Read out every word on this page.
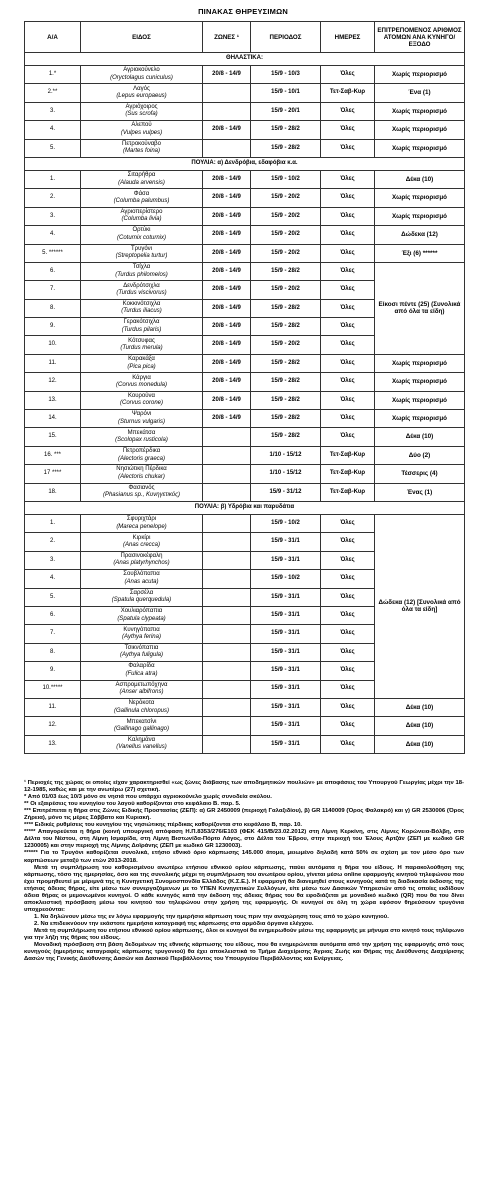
ΠΙΝΑΚΑΣ ΘΗΡΕΥΣΙΜΩΝ
Α/Α	ΕΙΔΟΣ	ΖΩΝΕΣ ¹	ΠΕΡΙΟΔΟΣ	ΗΜΕΡΕΣ	ΕΠΙΤΡΕΠΟΜΕΝΟΣ ΑΡΙΘΜΟΣ ΑΤΟΜΩΝ ΑΝΑ ΚΥΝΗΓΟ/ΕΞΟΔΟ
ΘΗΛΑΣΤΙΚΑ:					
1.*	Αγριοκούνελο
(Oryctolagus cuniculus)	20/8 - 14/9	15/9 - 10/3	Όλες	Χωρίς περιορισμό
2.**	Λαγός
(Lepus europaeus)		15/9 - 10/1	Τετ-Σαβ-Κυρ	Ένα (1)
3.	Αγριόχοιρος
(Sus scrofa)		15/9 - 20/1	Όλες	Χωρίς περιορισμό
4.	Αλεπού
(Vulpes vulpes)	20/8 - 14/9	15/9 - 28/2	Όλες	Χωρίς περιορισμό
5.	Πετροκούναβο
(Martes foina)		15/9 - 28/2	Όλες	Χωρίς περιορισμό
ΠΟΥΛΙΑ: α) Δενδρόβια, εδαφόβια κ.α.					
1.	Σιταρήθρα
(Alauda arvensis)	20/8 - 14/9	15/9 - 10/2	Όλες	Δέκα (10)
2.	Φάσα
(Columba palumbus)	20/8 - 14/9	15/9 - 20/2	Όλες	Χωρίς περιορισμό
3.	Αγριοπερίστερο
(Columba livia)	20/8 - 14/9	15/9 - 20/2	Όλες	Χωρίς περιορισμό
4.	Ορτύκι
(Coturnix coturnix)	20/8 - 14/9	15/9 - 20/2	Όλες	Δώδεκα (12)
5. ******	Τρυγόνι
(Streptopelia turtur)	20/8 - 14/9	15/9 - 20/2	Όλες	Έξι (6) ******
6.	Τσίχλα
(Turdus philomelos)	20/8 - 14/9	15/9 - 28/2	Όλες	Είκοσι πέντε (25) (Συνολικά από όλα τα είδη)
7.	Δενδρότσιχλα
(Turdus viscivorus)	20/8 - 14/9	15/9 - 20/2	Όλες	
8.	Κοκκινότσιχλα
(Turdus iliacus)	20/8 - 14/9	15/9 - 28/2	Όλες	
9.	Γερακότσιχλα
(Turdus pilaris)	20/8 - 14/9	15/9 - 28/2	Όλες	
10.	Κότσυφας
(Turdus merula)	20/8 - 14/9	15/9 - 20/2	Όλες	
11.	Καρακάξα
(Pica pica)	20/8 - 14/9	15/9 - 28/2	Όλες	Χωρίς περιορισμό
12.	Κάργια
(Corvus monedula)	20/8 - 14/9	15/9 - 28/2	Όλες	Χωρίς περιορισμό
13.	Κουρούνα
(Corvus corone)	20/8 - 14/9	15/9 - 28/2	Όλες	Χωρίς περιορισμό
14.	Ψαρόνι
(Sturnus vulgaris)	20/8 - 14/9	15/9 - 28/2	Όλες	Χωρίς περιορισμό
15.	Μπεκάτσα
(Scolopax rusticola)		15/9 - 28/2	Όλες	Δέκα (10)
16. ***	Πετροπέρδικα
(Alectoris graeca)		1/10 - 15/12	Τετ-Σαβ-Κυρ	Δύο (2)
17 ****	Νησιώτικη Πέρδικα
(Alectoris chukar)		1/10 - 15/12	Τετ-Σαβ-Κυρ	Τέσσερις (4)
18.	Φασιανός
(Phasianus sp., Κυνηγετικός)		15/9 - 31/12	Τετ-Σαβ-Κυρ	Ένας (1)
ΠΟΥΛΙΑ: β) Υδρόβια και παρυδάτια					
1.	Σφυριχτάρι
(Mareca penelope)		15/9 - 10/2	Όλες	Δώδεκα (12) [Συνολικά από όλα τα είδη]
2.	Κιρκίρι
(Anas crecca)		15/9 - 31/1	Όλες	
3.	Πρασινοκέφαλη
(Anas platyrhynchos)		15/9 - 31/1	Όλες	
4.	Σουβλόπαπια
(Anas acuta)		15/9 - 10/2	Όλες	
5.	Σαρσέλα
(Spatula querquedula)		15/9 - 31/1	Όλες	
6.	Χουλιαρόπαπια
(Spatula clypeata)		15/9 - 31/1	Όλες	
7.	Κυνηγόπαπια
(Aythya ferina)		15/9 - 31/1	Όλες	
8.	Τσικνόπαπια
(Aythya fuligula)		15/9 - 31/1	Όλες	
9.	Φαλαρίδα
(Fulica atra)		15/9 - 31/1	Όλες	
10.*****	Ασπρομετωπόχηνα
(Anser albifrons)		15/9 - 31/1	Όλες	
11.	Νερόκοτα
(Gallinula chloropus)		15/9 - 31/1	Όλες	Δέκα (10)
12.	Μπεκατσίνι
(Gallinago gallinago)		15/9 - 31/1	Όλες	Δέκα (10)
13.	Καλημάνα
(Vanellus vanellus)		15/9 - 31/1	Όλες	Δέκα (10)

¹ Περιοχές της χώρας οι οποίες είχαν χαρακτηρισθεί «ως ζώνες διάβασης των αποδημητικών πουλιών» με αποφάσεις του Υπουργού Γεωργίας μέχρι την 18-12-1985, καθώς και με την ανωτέρω (27) σχετική.

* Από 01/03 έως 10/3 μόνο σε νησιά που υπάρχει αγριοκούνελο χωρίς συνοδεία σκύλου.

** Οι εξαιρέσεις του κυνηγίου του λαγού καθορίζονται στο κεφάλαιο Β. παρ. 5.

*** Επιτρέπεται η θήρα στις Ζώνες Ειδικής Προστασίας (ΖΕΠ): α) GR 2450009 (περιοχή Γαλαξιδίου), β) GR 1140009 (Όρος Φαλακρό) και γ) GR 2530006 (Όρος Ζήρεια), μόνο τις μέρες Σάββατο και Κυριακή.

**** Ειδικές ρυθμίσεις του κυνηγίου της νησιώτικης πέρδικας καθορίζονται στο κεφάλαιο Β, παρ. 10.

***** Απαγορεύεται η θήρα (κοινή υπουργική απόφαση Η.Π.8353/276/Ε103 (ΦΕΚ 415/Β/23.02.2012) στη Λίμνη Κερκίνη, στις Λίμνες Κορώνεια-Βόλβη, στο Δέλτα του Νέστου, στη Λίμνη Ισμαρίδα, στη Λίμνη Βιστωνίδα-Πόρτο Λάγος, στο Δέλτα του Έβρου, στην περιοχή του Έλους Αρτζάν (ΖΕΠ με κωδικό GR 1230005) και στην περιοχή της Λίμνης Δοϊράνης (ΖΕΠ με κωδικό GR 1230003).

****** Για το Τρυγόνι καθορίζεται συνολικά, ετήσιο εθνικό όριο κάρπωσης 145.000 άτομα, μειωμένο δηλαδή κατά 50% σε σχέση με τον μέσο όρο των καρπώσεων μεταξύ των ετών 2013-2018.

Μετά τη συμπλήρωση του καθορισμένου ανωτέρω ετήσιου εθνικού ορίου κάρπωσης, παύει αυτόματα η θήρα του είδους. Η παρακολούθηση της κάρπωσης, τόσο της ημερησίας, όσο και της συνολικής μέχρι τη συμπλήρωση του ανωτέρου ορίου, γίνεται μέσω online εφαρμογής κινητού τηλεφώνου που έχει προμηθευτεί με μέριμνά της η Κυνηγετική Συνομοσπονδία Ελλάδος (Κ.Σ.Ε.). Η εφαρμογή θα διανεμηθεί στους κυνηγούς κατά τη διαδικασία έκδοσης της ετήσιας άδειας θήρας, είτε μέσω των συνεργαζόμενων με το ΥΠΕΝ Κυνηγετικών Συλλόγων, είτε μέσω των Δασικών Υπηρεσιών από τις οποίες εκδίδουν άδεια θήρας οι μεμονωμένοι κυνηγοί. Ο κάθε κυνηγός κατά την έκδοση της άδειας θήρας του θα εφοδιάζεται με μοναδικό κωδικό (QR) που θα του δίνει αποκλειστική πρόσβαση μέσω του κινητού του τηλεφώνου στην χρήση της εφαρμογής. Οι κυνηγοί σε όλη τη χώρα εφόσον θηρεύσουν τρυγόνια υποχρεούνται:

1. Να δηλώνουν μέσω της εν λόγω εφαρμογής την ημερήσια κάρπωση τους πριν την αναχώρηση τους από το χώρο κυνηγιού.

2. Να επιδεικνύουν την εκάστοτε ημερήσια καταγραφή της κάρπωσης στα αρμόδια όργανα ελέγχου.

Μετά τη συμπλήρωση του ετήσιου εθνικού ορίου κάρπωσης, όλοι οι κυνηγοί θα ενημερωθούν μέσω της εφαρμογής με μήνυμα στο κινητό τους τηλέφωνο για την λήξη της θήρας του είδους.

Μοναδική πρόσβαση στη βάση δεδομένων της εθνικής κάρπωσης του είδους, που θα ενημερώνεται αυτόματα από την χρήση της εφαρμογής από τους κυνηγούς (ημερήσιες καταγραφές κάρπωσης τρυγονιού) θα έχει αποκλειστικά το Τμήμα Διαχείρισης Άγριας Ζωής και Θήρας της Διεύθυνσης Διαχείρισης Δασών της Γενικής Διεύθυνσης Δασών και Δασικού Περιβάλλοντος του Υπουργείου Περιβάλλοντος και Ενέργειας.
